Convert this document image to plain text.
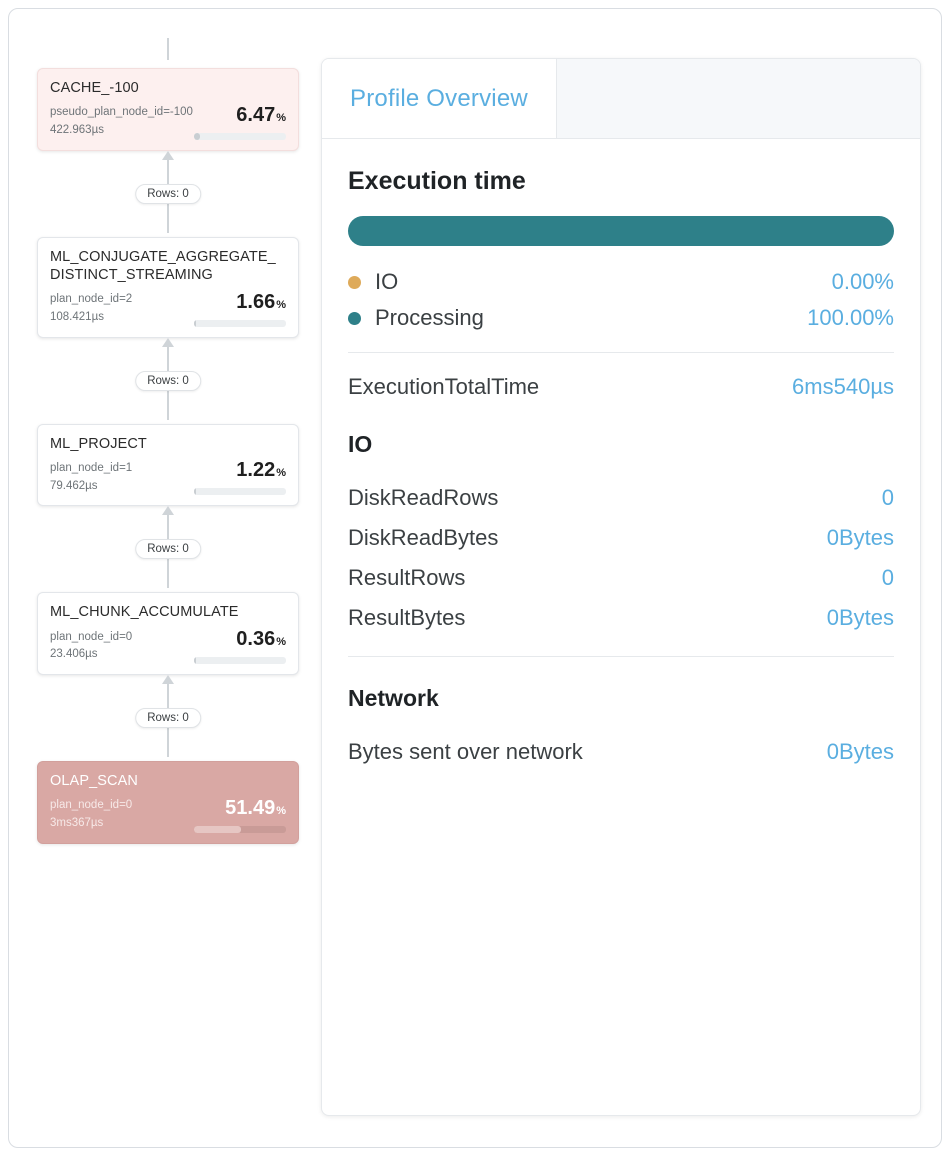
CACHE_-100
pseudo_plan_node_id=-100
422.963µs
6.47%
Rows: 0
ML_CONJUGATE_AGGREGATE_DISTINCT_STREAMING
plan_node_id=2
108.421µs
1.66%
Rows: 0
ML_PROJECT
plan_node_id=1
79.462µs
1.22%
Rows: 0
ML_CHUNK_ACCUMULATE
plan_node_id=0
23.406µs
0.36%
Rows: 0
OLAP_SCAN
plan_node_id=0
3ms367µs
51.49%
Profile Overview
Execution time
IO	0.00%
Processing	100.00%
ExecutionTotalTime	6ms540µs
IO
DiskReadRows	0
DiskReadBytes	0Bytes
ResultRows	0
ResultBytes	0Bytes
Network
Bytes sent over network	0Bytes
